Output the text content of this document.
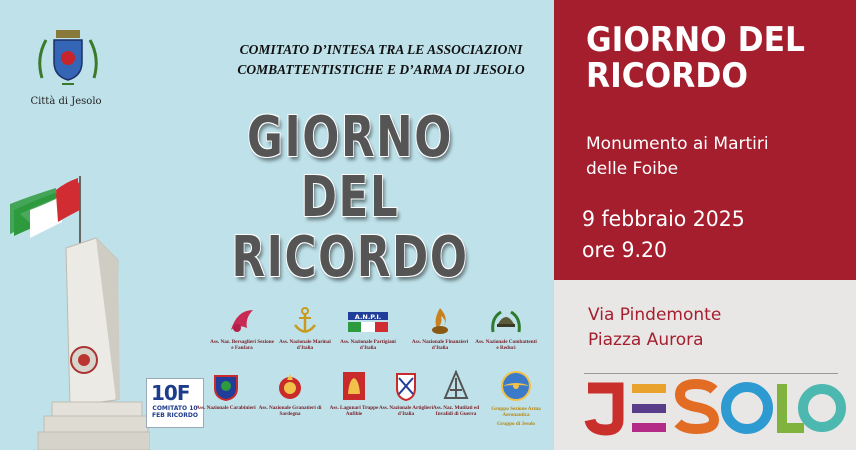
Città di Jesolo
COMITATO D’INTESA TRA LE ASSOCIAZIONI
COMBATTENTISTICHE E D’ARMA DI JESOLO
GIORNO
DEL RICORDO
Ass. Naz. Bersaglieri Sezione e Fanfara
Ass. Nazionale Marinai d'Italia
A.N.P.I.
Ass. Nazionale Partigiani d'Italia
Ass. Nazionale Finanzieri d'Italia
Ass. Nazionale Combattenti e Reduci
10F
COMITATO 10 FEB RICORDO
Ass. Nazionale Carabinieri Ass. Nazionale Granatieri di Sardegna
Ass. Lagunari Truppe Anfibie
Ass. Nazionale Artiglieri d'Italia
Ass. Naz. Mutilati ed Invalidi di Guerra
Gruppo Sezione Arma Aeronautica
Gruppo di Jesolo
GIORNO DEL
RICORDO
Monumento ai Martiri
delle Foibe
9 febbraio 2025
ore 9.20
Via Pindemonte
Piazza Aurora
JESOLO
